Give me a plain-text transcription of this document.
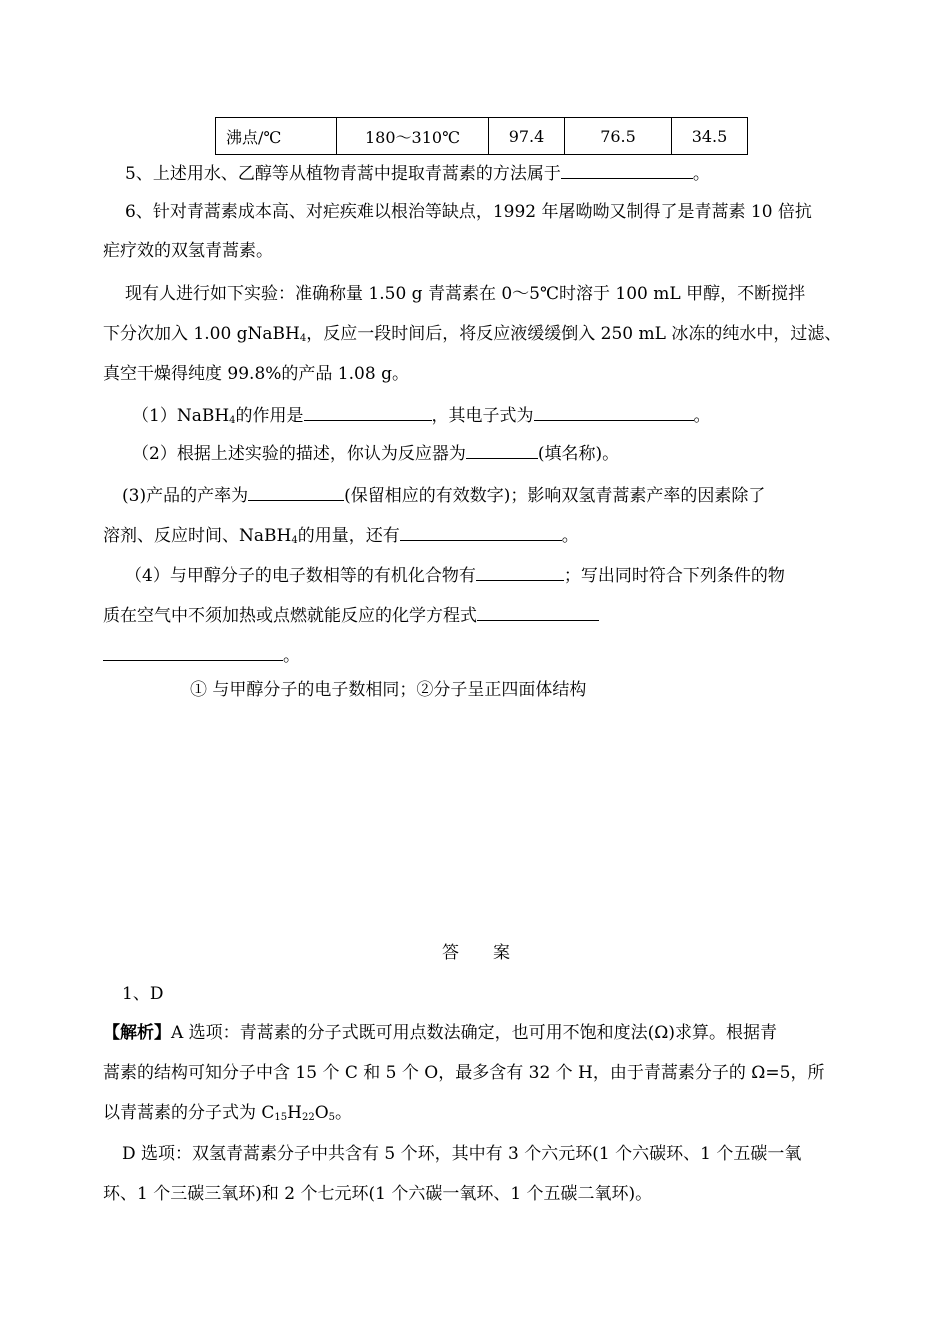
沸点/℃	180～310℃	97.4	76.5	34.5
5、上述用水、乙醇等从植物青蒿中提取青蒿素的方法属于	。
6、针对青蒿素成本高、对疟疾难以根治等缺点，1992 年屠呦呦又制得了是青蒿素 10 倍抗
疟疗效的双氢青蒿素。
现有人进行如下实验：准确称量 1.50 g 青蒿素在 0～5℃时溶于 100 mL 甲醇，不断搅拌
下分次加入 1.00 gNaBH$_4$，反应一段时间后，将反应液缓缓倒入 250 mL 冰冻的纯水中，过滤、
真空干燥得纯度 99.8%的产品 1.08 g。
（1）NaBH$_4$的作用是	，其电子式为	。
（2）根据上述实验的描述，你认为反应器为	(填名称)。
(3)产品的产率为	(保留相应的有效数字)；影响双氢青蒿素产率的因素除了
溶剂、反应时间、NaBH$_4$的用量，还有	。
（4）与甲醇分子的电子数相等的有机化合物有	；写出同时符合下列条件的物
质在空气中不须加热或点燃就能反应的化学方程式
。
① 与甲醇分子的电子数相同；②分子呈正四面体结构
答　　案
1、D
【解析】A 选项：青蒿素的分子式既可用点数法确定，也可用不饱和度法(Ω)求算。根据青
蒿素的结构可知分子中含 15 个 C 和 5 个 O，最多含有 32 个 H，由于青蒿素分子的 Ω=5，所
以青蒿素的分子式为 $C_{15}H_{22}O_5$。
D 选项：双氢青蒿素分子中共含有 5 个环，其中有 3 个六元环(1 个六碳环、1 个五碳一氧
环、1 个三碳三氧环)和 2 个七元环(1 个六碳一氧环、1 个五碳二氧环)。
